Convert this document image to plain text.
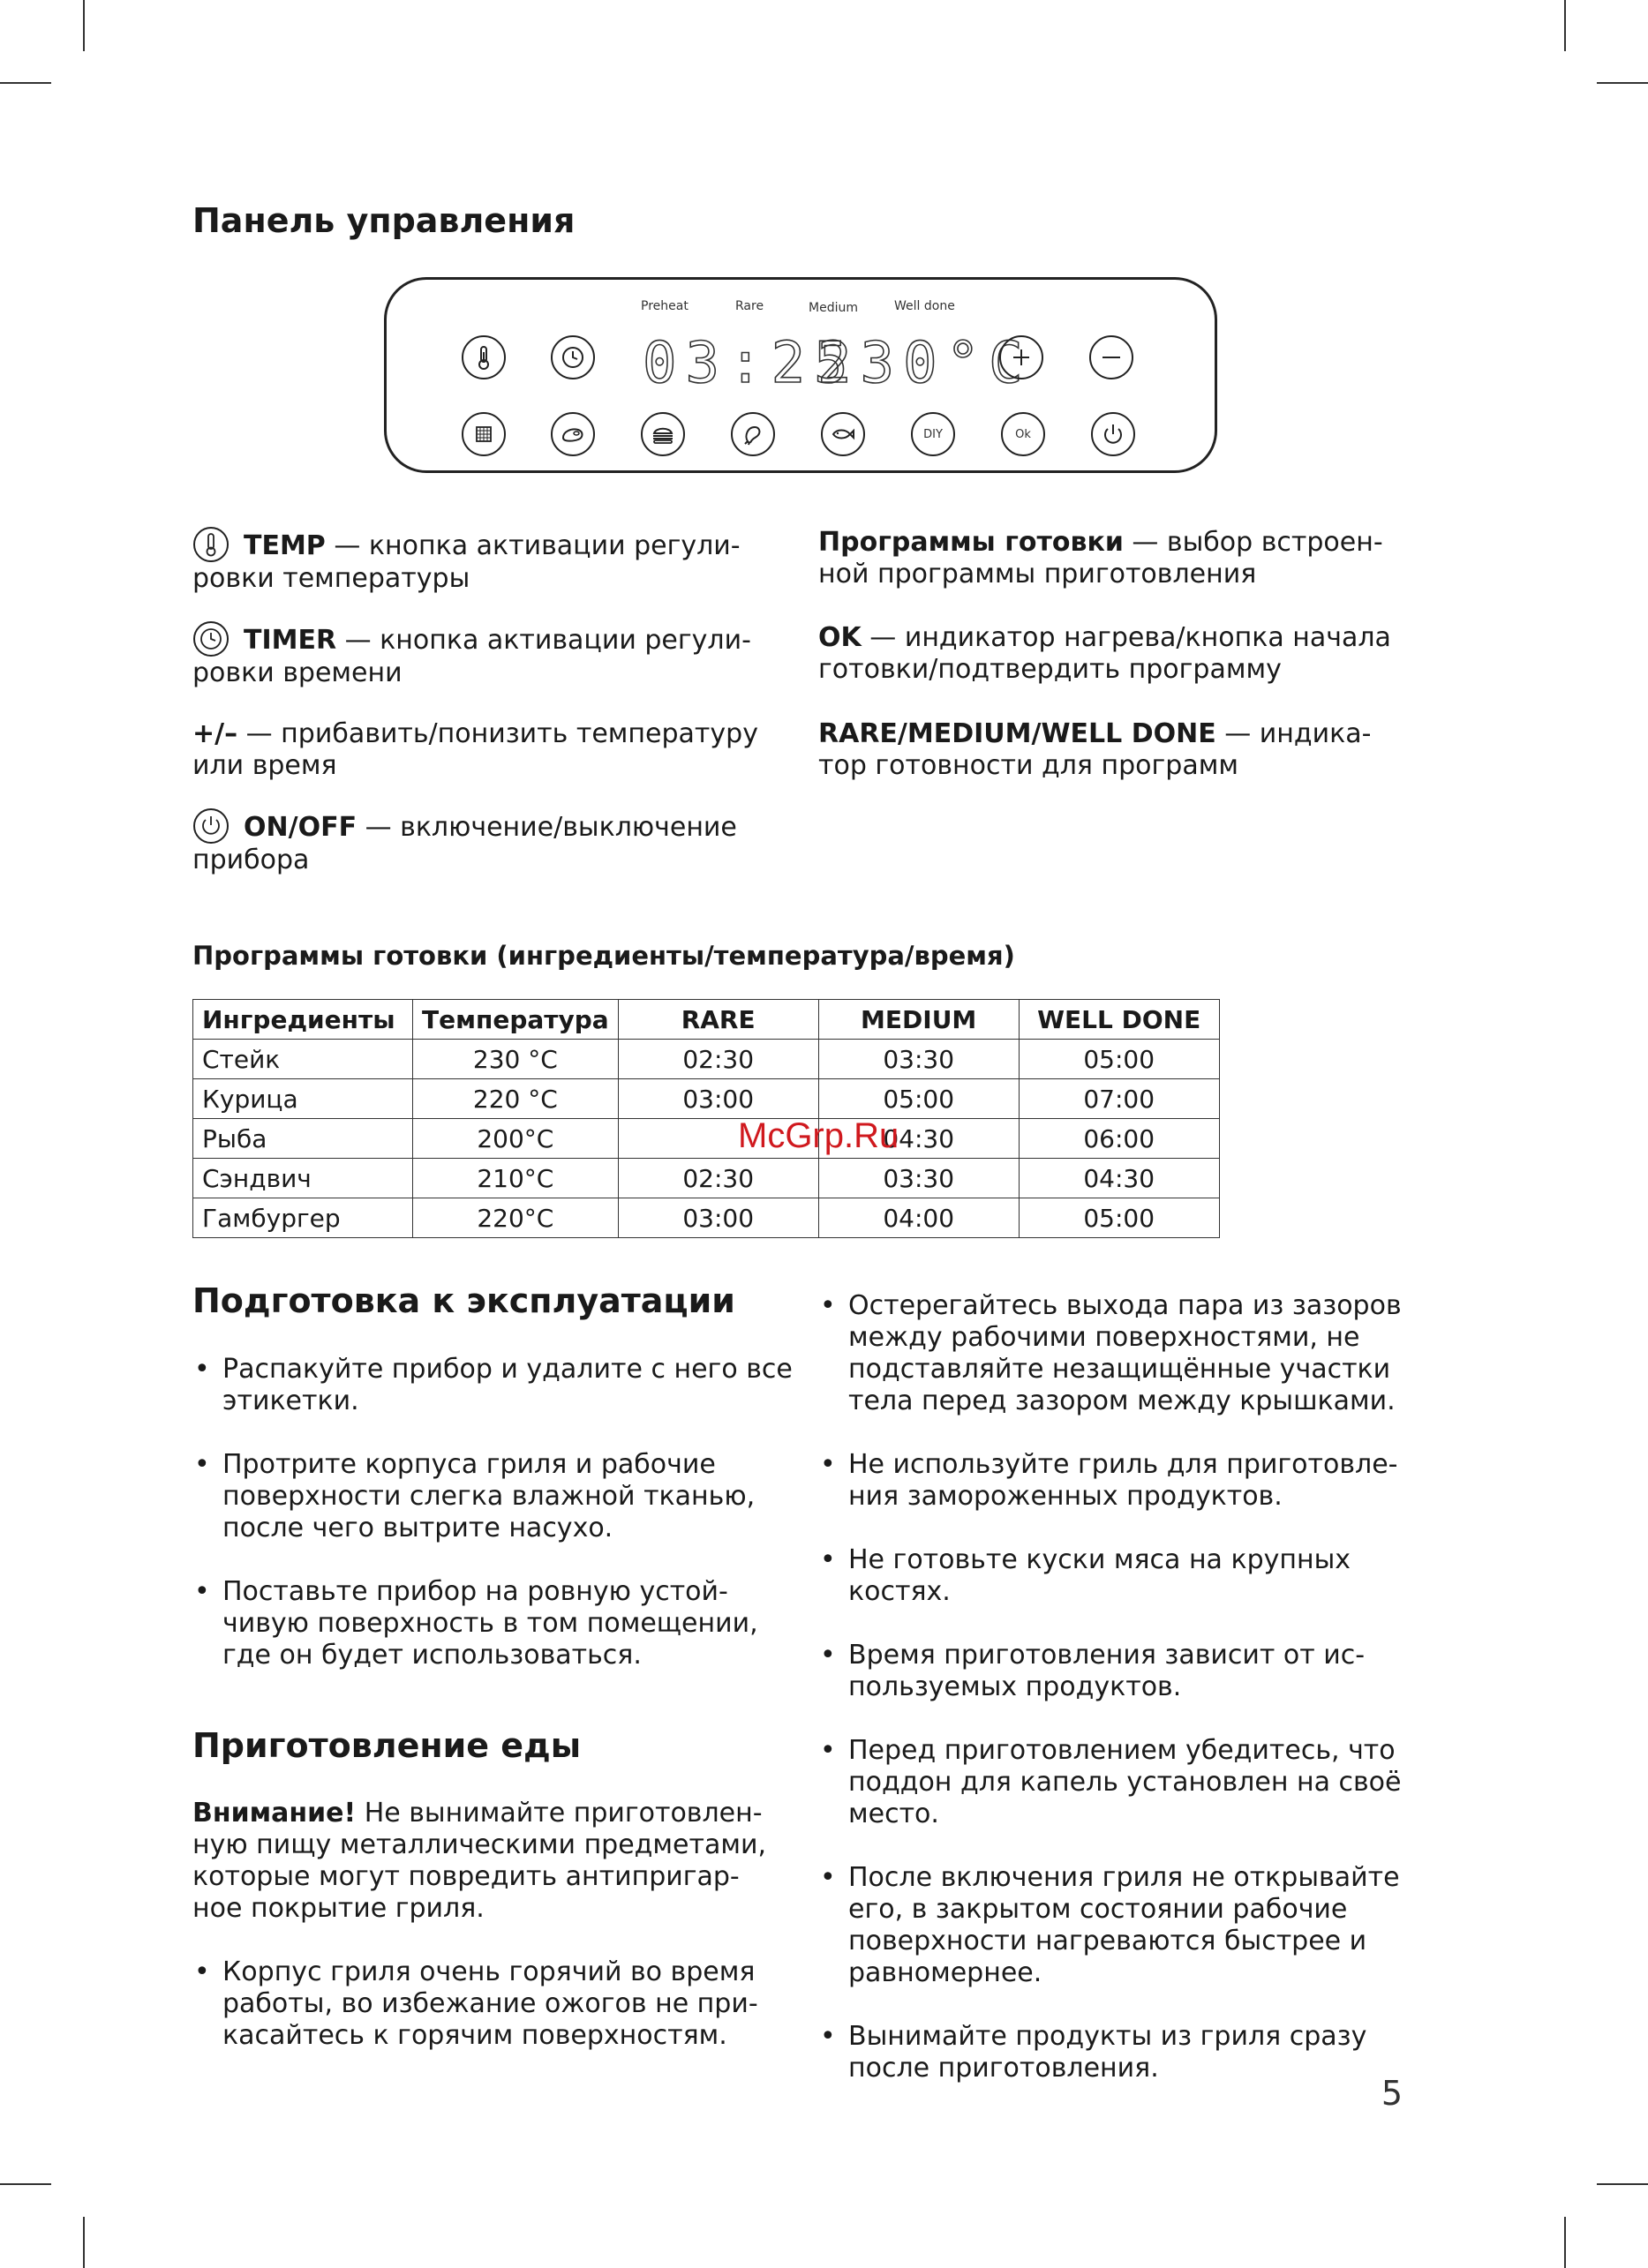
Панель управления
Preheat	Rare	Medium	Well done
03:25
230°C
DIY	Ok
TEMP — кнопка активации регули-ровки температуры
TIMER — кнопка активации регули-ровки времени
+/– — прибавить/понизить температуру или время
ON/OFF — включение/выключение прибора
Программы готовки — выбор встроен-ной программы приготовления
OK — индикатор нагрева/кнопка начала готовки/подтвердить программу
RARE/MEDIUM/WELL DONE — индика-тор готовности для программ
Программы готовки (ингредиенты/температура/время)
Ингредиенты	Температура	RARE	MEDIUM	WELL DONE
Стейк	230 °C	02:30	03:30	05:00
Курица	220 °C	03:00	05:00	07:00
Рыба	200°C		04:30	06:00
Сэндвич	210°C	02:30	03:30	04:30
Гамбургер	220°C	03:00	04:00	05:00
McGrp.Ru
Подготовка к эксплуатации
• Распакуйте прибор и удалите с него все этикетки.
• Протрите корпуса гриля и рабочие поверхности слегка влажной тканью, после чего вытрите насухо.
• Поставьте прибор на ровную устой-чивую поверхность в том помещении, где он будет использоваться.
Приготовление еды
Внимание! Не вынимайте приготовлен-ную пищу металлическими предметами, которые могут повредить антипригар-ное покрытие гриля.
• Корпус гриля очень горячий во время работы, во избежание ожогов не при-касайтесь к горячим поверхностям.
• Остерегайтесь выхода пара из зазоров между рабочими поверхностями, не подставляйте незащищённые участки тела перед зазором между крышками.
• Не используйте гриль для приготовле-ния замороженных продуктов.
• Не готовьте куски мяса на крупных костях.
• Время приготовления зависит от ис-пользуемых продуктов.
• Перед приготовлением убедитесь, что поддон для капель установлен на своё место.
• После включения гриля не открывайте его, в закрытом состоянии рабочие поверхности нагреваются быстрее и равномернее.
• Вынимайте продукты из гриля сразу после приготовления.
5
